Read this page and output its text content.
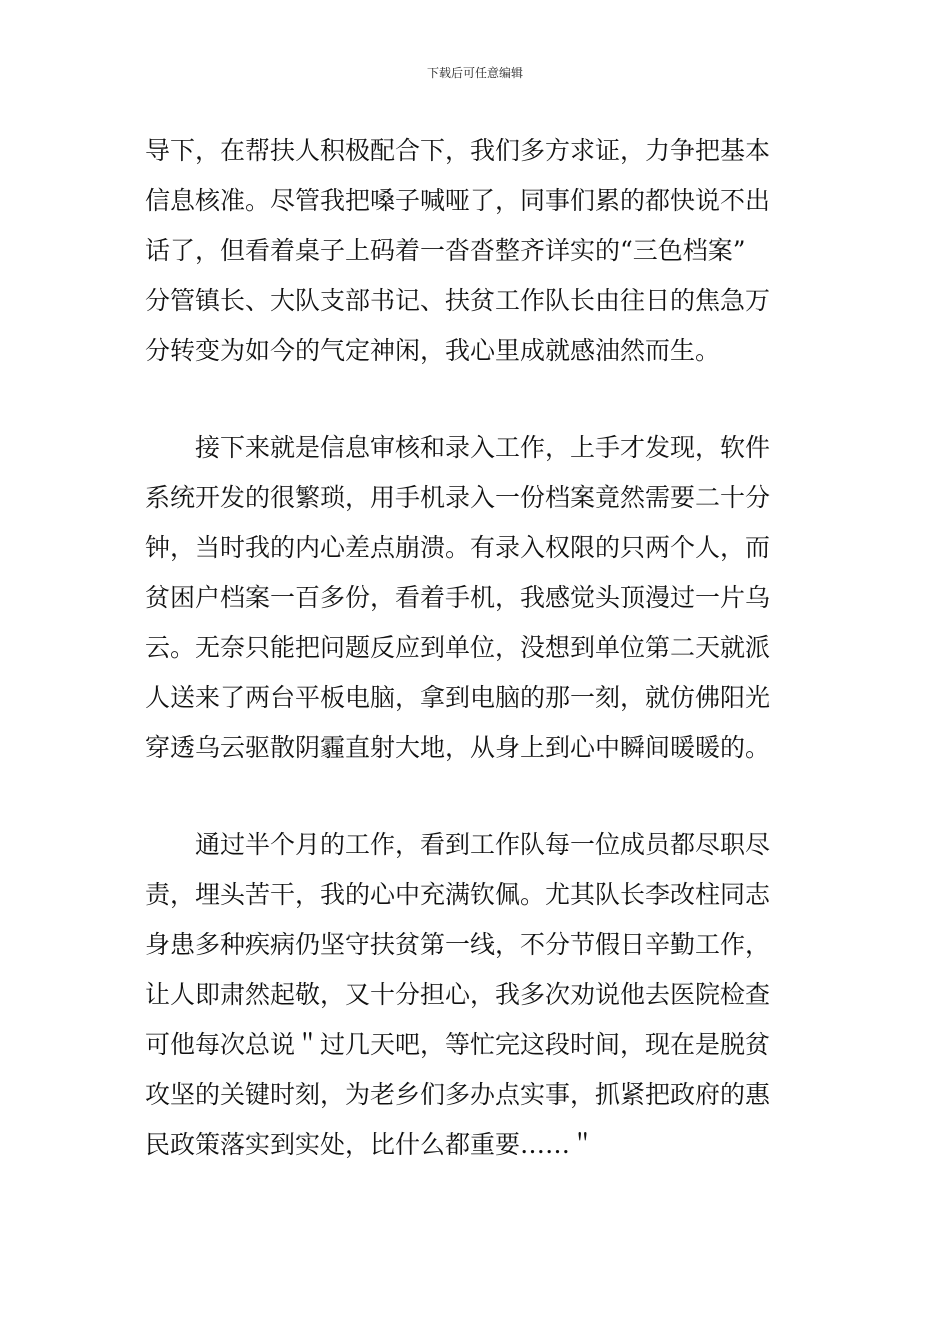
下载后可任意编辑
导下，在帮扶人积极配合下，我们多方求证，力争把基本
信息核准。尽管我把嗓子喊哑了，同事们累的都快说不出
话了，但看着桌子上码着一沓沓整齐详实的“三色档案”
分管镇长、大队支部书记、扶贫工作队长由往日的焦急万
分转变为如今的气定神闲，我心里成就感油然而生。
接下来就是信息审核和录入工作，上手才发现，软件
系统开发的很繁琐，用手机录入一份档案竟然需要二十分
钟，当时我的内心差点崩溃。有录入权限的只两个人，而
贫困户档案一百多份，看着手机，我感觉头顶漫过一片乌
云。无奈只能把问题反应到单位，没想到单位第二天就派
人送来了两台平板电脑，拿到电脑的那一刻，就仿佛阳光
穿透乌云驱散阴霾直射大地，从身上到心中瞬间暖暖的。
通过半个月的工作，看到工作队每一位成员都尽职尽
责，埋头苦干，我的心中充满钦佩。尤其队长李改柱同志
身患多种疾病仍坚守扶贫第一线，不分节假日辛勤工作，
让人即肃然起敬，又十分担心，我多次劝说他去医院检查
可他每次总说＂过几天吧，等忙完这段时间，现在是脱贫
攻坚的关键时刻，为老乡们多办点实事，抓紧把政府的惠
民政策落实到实处，比什么都重要……＂
